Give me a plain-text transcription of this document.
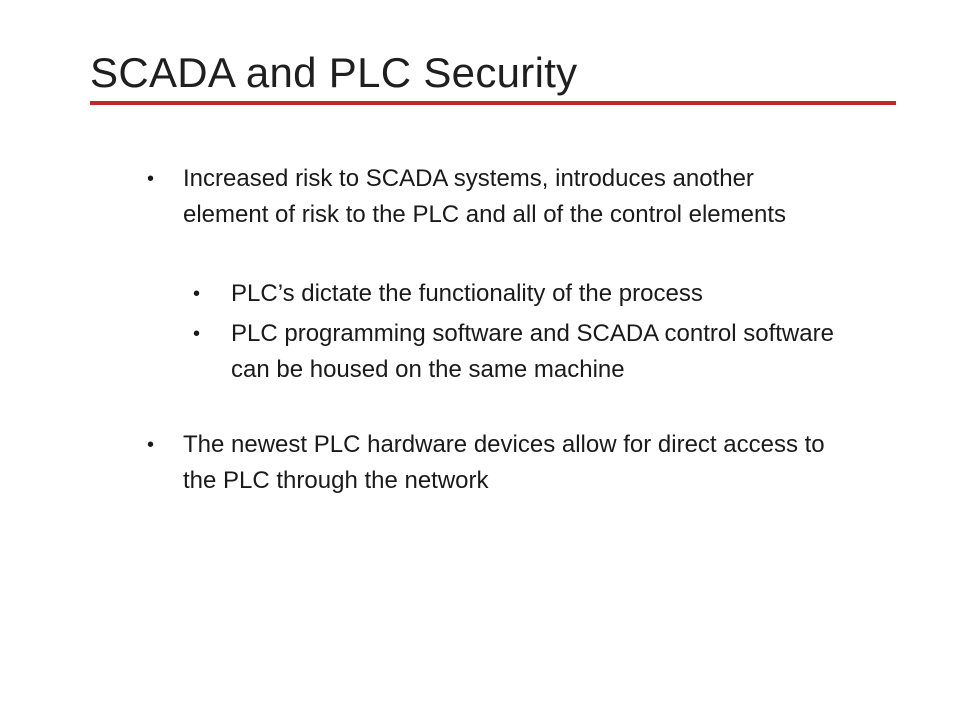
SCADA and PLC Security
• Increased risk to SCADA systems, introduces another element of risk to the PLC and all of the control elements
• PLC’s dictate the functionality of the process
• PLC programming software and SCADA control software can be housed on the same machine
• The newest PLC hardware devices allow for direct access to the PLC through the network
